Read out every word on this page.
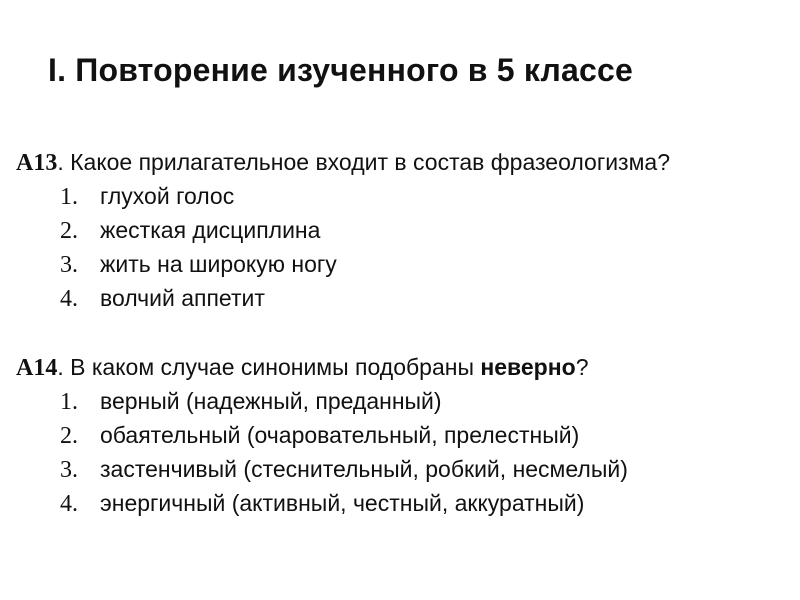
I. Повторение изученного в 5 классе
А13. Какое прилагательное входит в состав фразеологизма?
1. глухой голос
2. жесткая дисциплина
3. жить на широкую ногу
4. волчий аппетит
А14. В каком случае синонимы подобраны неверно?
1. верный (надежный, преданный)
2. обаятельный (очаровательный, прелестный)
3. застенчивый (стеснительный, робкий, несмелый)
4. энергичный (активный, честный, аккуратный)
